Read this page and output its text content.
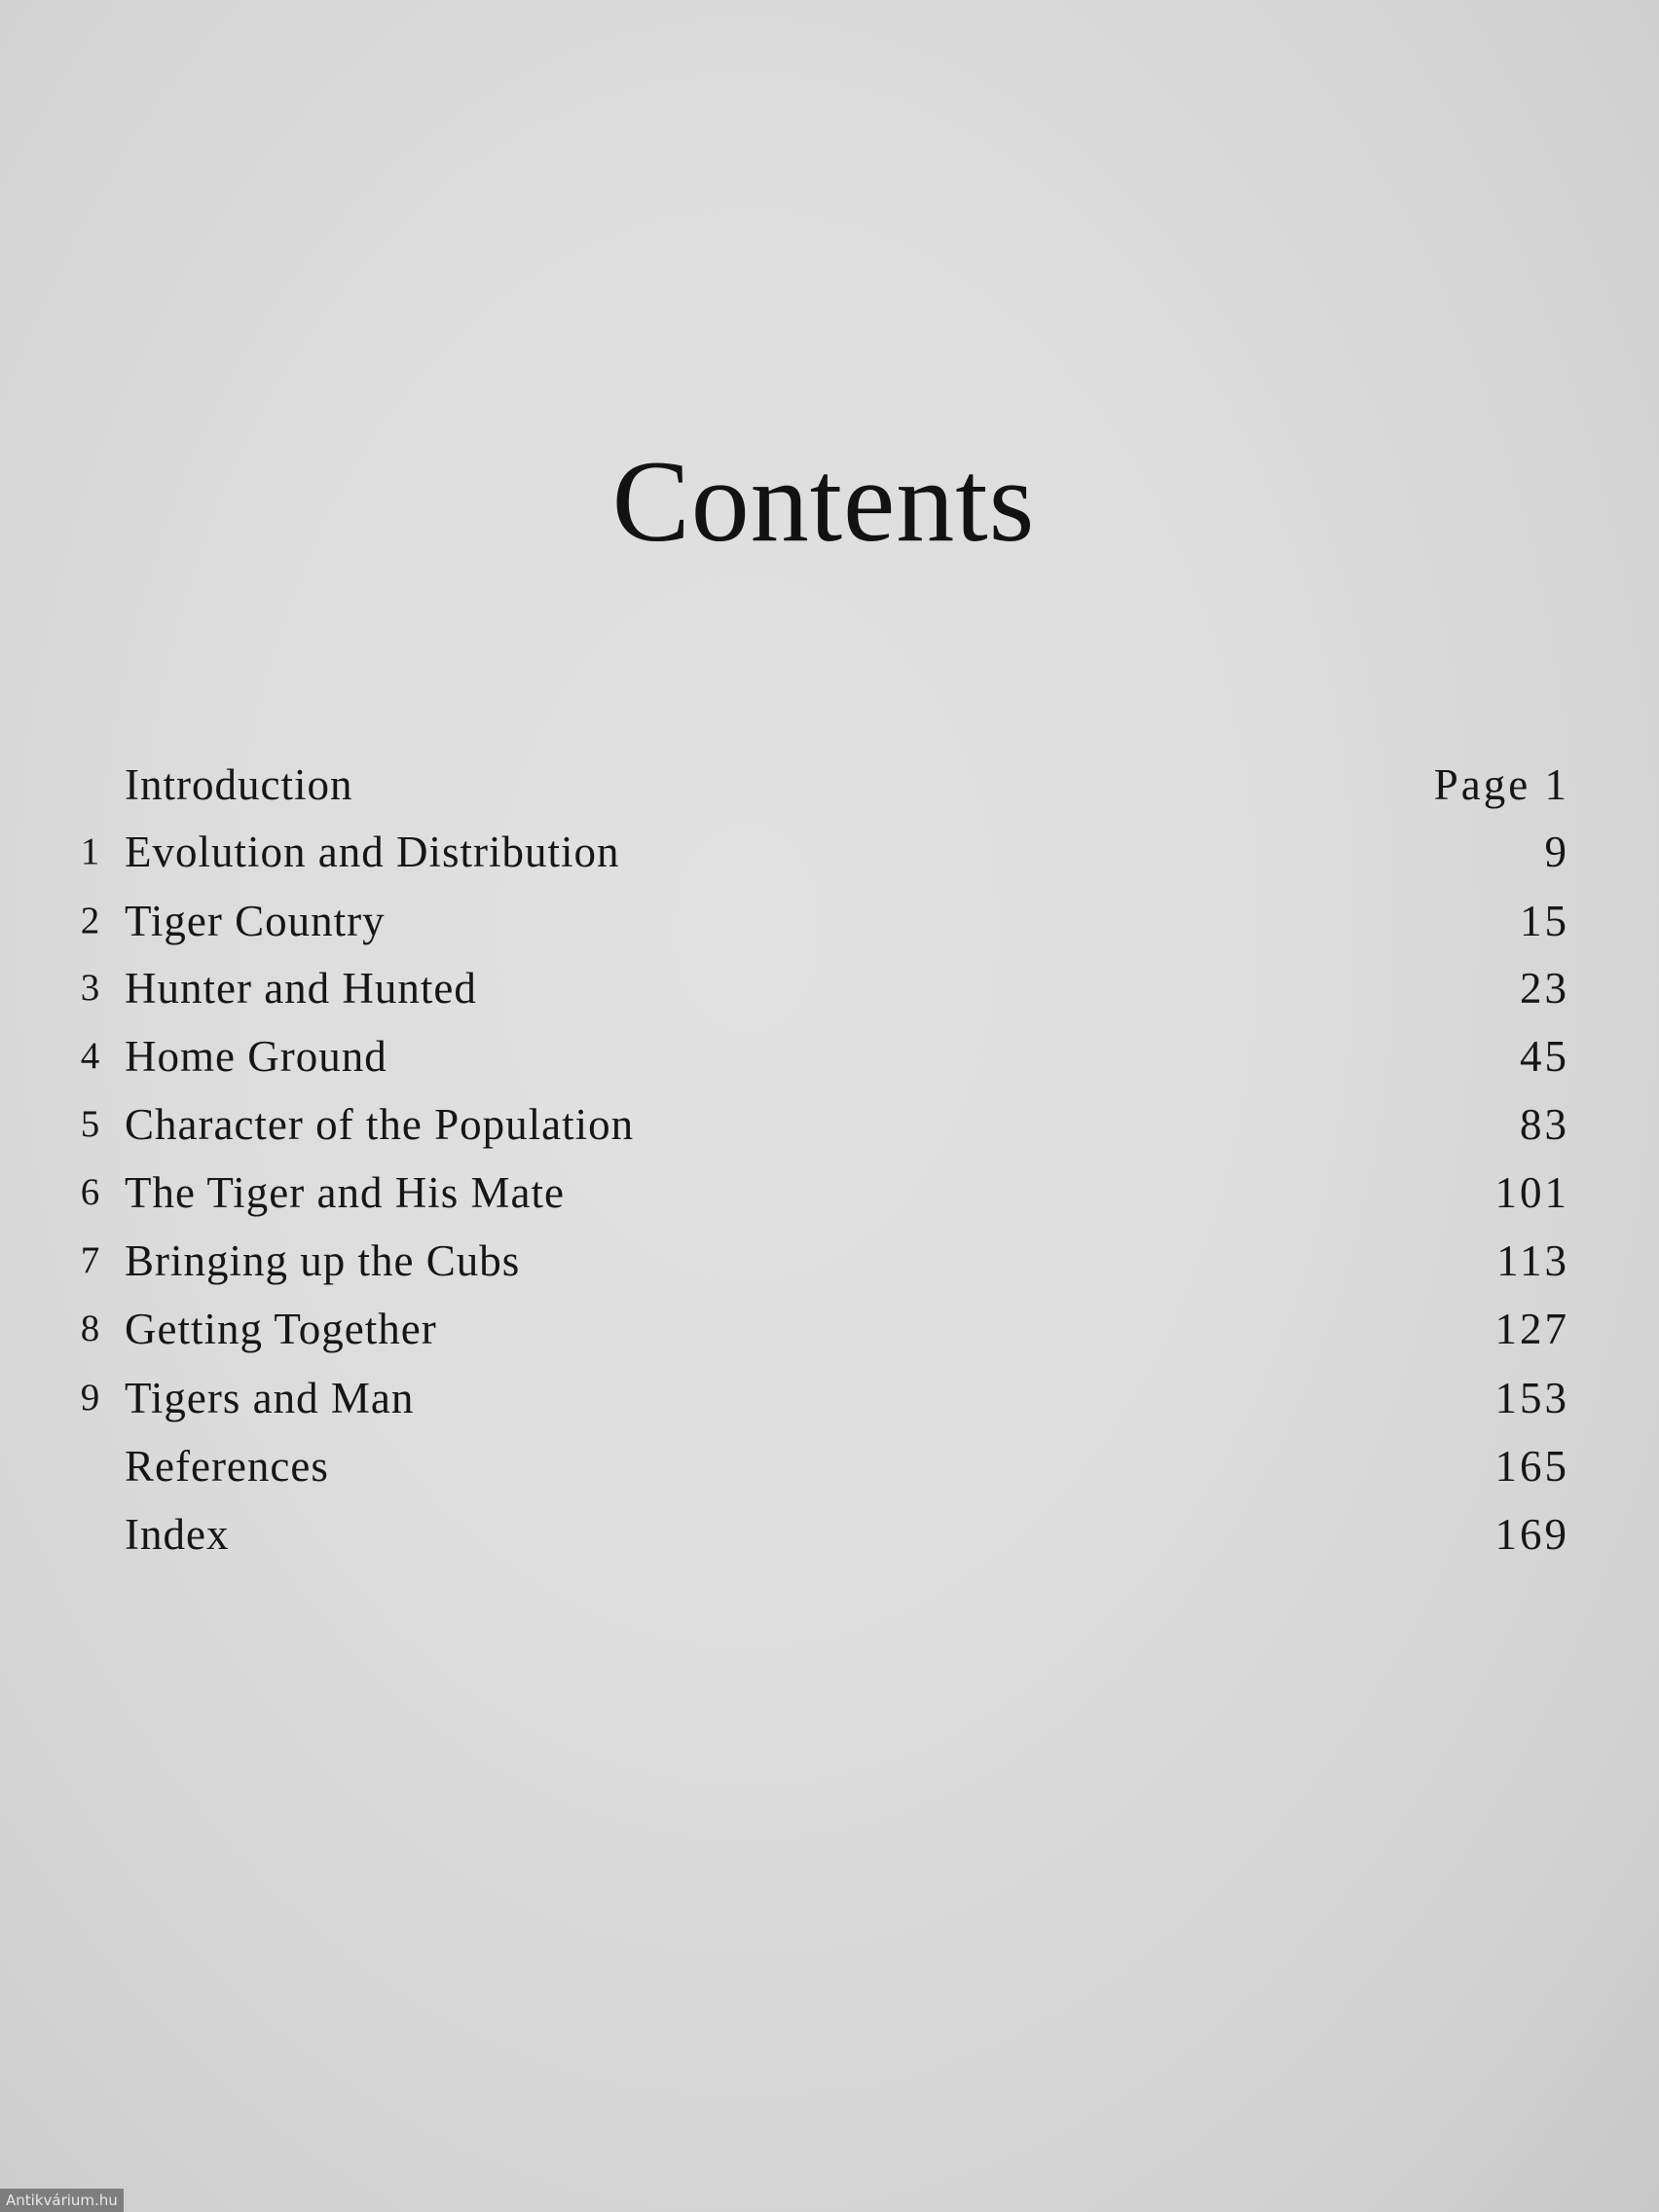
Contents
Introduction	Page 1
1 Evolution and Distribution	9
2 Tiger Country	15
3 Hunter and Hunted	23
4 Home Ground	45
5 Character of the Population	83
6 The Tiger and His Mate	101
7 Bringing up the Cubs	113
8 Getting Together	127
9 Tigers and Man	153
References	165
Index	169
Antikvárium.hu
